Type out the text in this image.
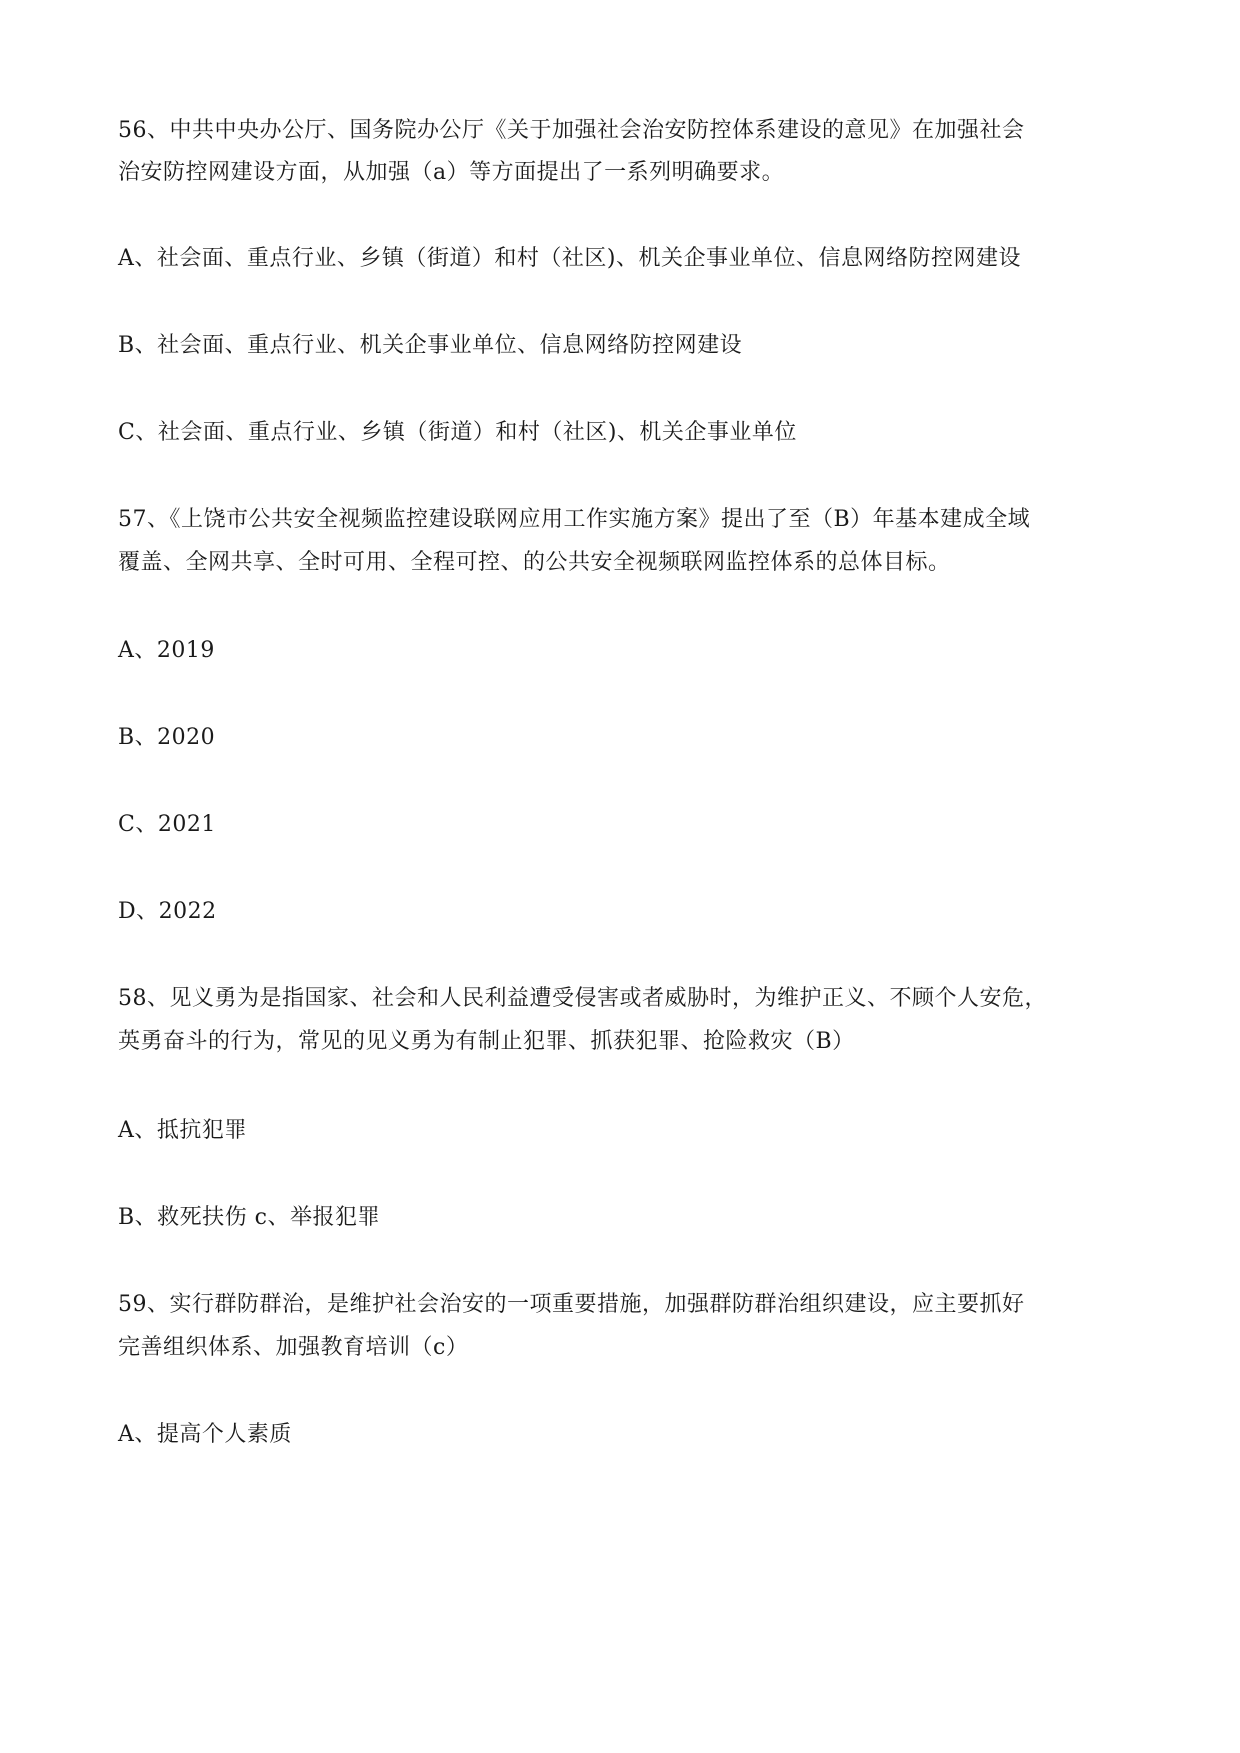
56、中共中央办公厅、国务院办公厅《关于加强社会治安防控体系建设的意见》在加强社会
治安防控网建设方面，从加强（a）等方面提出了一系列明确要求。
A、社会面、重点行业、乡镇（街道）和村（社区)、机关企事业单位、信息网络防控网建设
B、社会面、重点行业、机关企事业单位、信息网络防控网建设
C、社会面、重点行业、乡镇（街道）和村（社区)、机关企事业单位
57、《上饶市公共安全视频监控建设联网应用工作实施方案》提出了至（B）年基本建成全域
覆盖、全网共享、全时可用、全程可控、的公共安全视频联网监控体系的总体目标。
A、2019
B、2020
C、2021
D、2022
58、见义勇为是指国家、社会和人民利益遭受侵害或者威胁时，为维护正义、不顾个人安危，
英勇奋斗的行为，常见的见义勇为有制止犯罪、抓获犯罪、抢险救灾（B）
A、抵抗犯罪
B、救死扶伤 c、举报犯罪
59、实行群防群治，是维护社会治安的一项重要措施，加强群防群治组织建设，应主要抓好
完善组织体系、加强教育培训（c）
A、提高个人素质
